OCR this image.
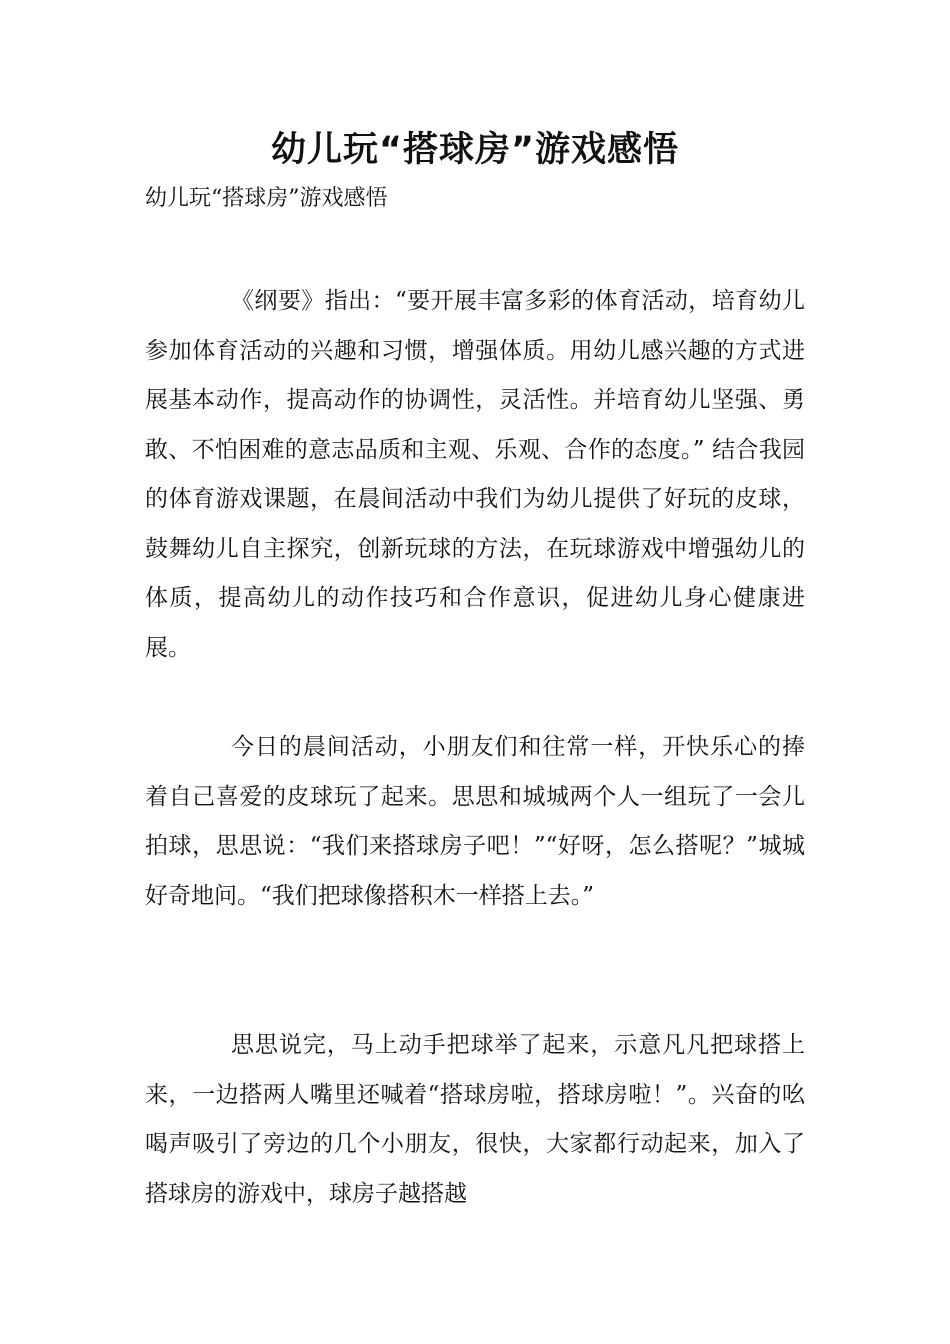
幼儿玩“搭球房”游戏感悟

幼儿玩“搭球房”游戏感悟

《纲要》指出：“要开展丰富多彩的体育活动，培育幼儿参加体育活动的兴趣和习惯，增强体质。用幼儿感兴趣的方式进展基本动作，提高动作的协调性，灵活性。并培育幼儿坚强、勇敢、不怕困难的意志品质和主观、乐观、合作的态度。” 结合我园的体育游戏课题，在晨间活动中我们为幼儿提供了好玩的皮球，鼓舞幼儿自主探究，创新玩球的方法，在玩球游戏中增强幼儿的体质，提高幼儿的动作技巧和合作意识，促进幼儿身心健康进展。

今日的晨间活动，小朋友们和往常一样，开快乐心的捧着自己喜爱的皮球玩了起来。思思和城城两个人一组玩了一会儿拍球，思思说：“我们来搭球房子吧！”“好呀，怎么搭呢？”城城好奇地问。“我们把球像搭积木一样搭上去。”

思思说完，马上动手把球举了起来，示意凡凡把球搭上来，一边搭两人嘴里还喊着“搭球房啦，搭球房啦！”。兴奋的吆喝声吸引了旁边的几个小朋友，很快，大家都行动起来，加入了搭球房的游戏中，球房子越搭越
